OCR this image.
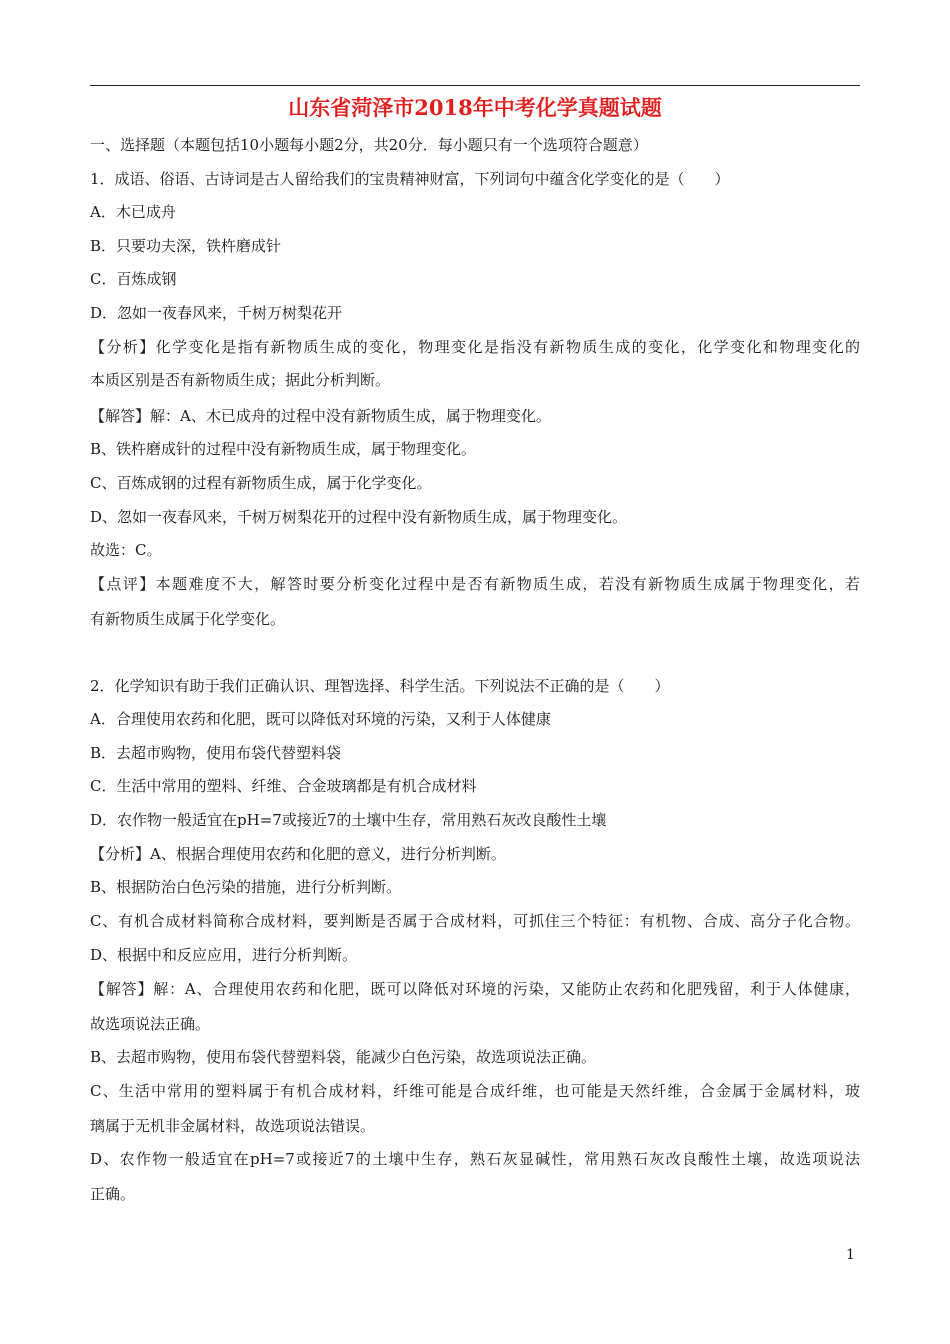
山东省菏泽市2018年中考化学真题试题
一、选择题（本题包括10小题每小题2分，共20分．每小题只有一个选项符合题意）
1．成语、俗语、古诗词是古人留给我们的宝贵精神财富，下列词句中蕴含化学变化的是（　　）
A．木已成舟
B．只要功夫深，铁杵磨成针
C．百炼成钢
D．忽如一夜春风来，千树万树梨花开
【分析】化学变化是指有新物质生成的变化，物理变化是指没有新物质生成的变化，化学变化和物理变化的
本质区别是否有新物质生成；据此分析判断。
【解答】解：A、木已成舟的过程中没有新物质生成，属于物理变化。
B、铁杵磨成针的过程中没有新物质生成，属于物理变化。
C、百炼成钢的过程有新物质生成，属于化学变化。
D、忽如一夜春风来，千树万树梨花开的过程中没有新物质生成，属于物理变化。
故选：C。
【点评】本题难度不大，解答时要分析变化过程中是否有新物质生成，若没有新物质生成属于物理变化，若
有新物质生成属于化学变化。
2．化学知识有助于我们正确认识、理智选择、科学生活。下列说法不正确的是（　　）
A．合理使用农药和化肥，既可以降低对环境的污染，又利于人体健康
B．去超市购物，使用布袋代替塑料袋
C．生活中常用的塑料、纤维、合金玻璃都是有机合成材料
D．农作物一般适宜在pH=7或接近7的土壤中生存，常用熟石灰改良酸性土壤
【分析】A、根据合理使用农药和化肥的意义，进行分析判断。
B、根据防治白色污染的措施，进行分析判断。
C、有机合成材料简称合成材料，要判断是否属于合成材料，可抓住三个特征：有机物、合成、高分子化合物。
D、根据中和反应应用，进行分析判断。
【解答】解：A、合理使用农药和化肥，既可以降低对环境的污染，又能防止农药和化肥残留，利于人体健康，
故选项说法正确。
B、去超市购物，使用布袋代替塑料袋，能减少白色污染，故选项说法正确。
C、生活中常用的塑料属于有机合成材料，纤维可能是合成纤维，也可能是天然纤维，合金属于金属材料，玻
璃属于无机非金属材料，故选项说法错误。
D、农作物一般适宜在pH=7或接近7的土壤中生存，熟石灰显碱性，常用熟石灰改良酸性土壤，故选项说法
正确。
1
